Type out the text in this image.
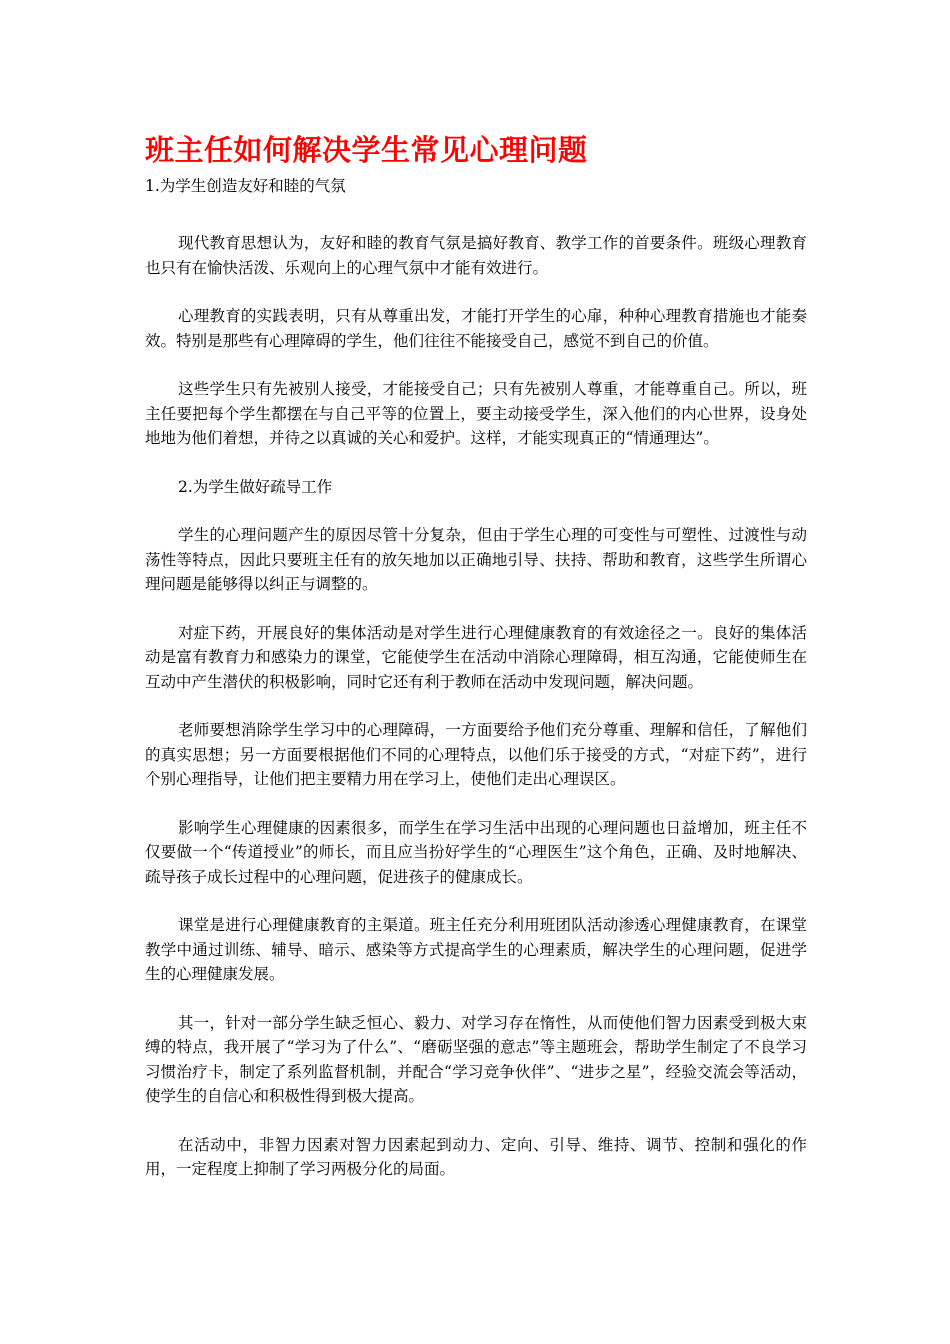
班主任如何解决学生常见心理问题
1.为学生创造友好和睦的气氛

现代教育思想认为，友好和睦的教育气氛是搞好教育、教学工作的首要条件。班级心理教育也只有在愉快活泼、乐观向上的心理气氛中才能有效进行。

心理教育的实践表明，只有从尊重出发，才能打开学生的心扉，种种心理教育措施也才能奏效。特别是那些有心理障碍的学生，他们往往不能接受自己，感觉不到自己的价值。

这些学生只有先被别人接受，才能接受自己；只有先被别人尊重，才能尊重自己。所以，班主任要把每个学生都摆在与自己平等的位置上，要主动接受学生，深入他们的内心世界，设身处地地为他们着想，并待之以真诚的关心和爱护。这样，才能实现真正的“情通理达”。

2.为学生做好疏导工作

学生的心理问题产生的原因尽管十分复杂，但由于学生心理的可变性与可塑性、过渡性与动荡性等特点，因此只要班主任有的放矢地加以正确地引导、扶持、帮助和教育，这些学生所谓心理问题是能够得以纠正与调整的。

对症下药，开展良好的集体活动是对学生进行心理健康教育的有效途径之一。良好的集体活动是富有教育力和感染力的课堂，它能使学生在活动中消除心理障碍，相互沟通，它能使师生在互动中产生潜伏的积极影响，同时它还有利于教师在活动中发现问题，解决问题。

老师要想消除学生学习中的心理障碍，一方面要给予他们充分尊重、理解和信任，了解他们的真实思想；另一方面要根据他们不同的心理特点，以他们乐于接受的方式，“对症下药”，进行个别心理指导，让他们把主要精力用在学习上，使他们走出心理误区。

影响学生心理健康的因素很多，而学生在学习生活中出现的心理问题也日益增加，班主任不仅要做一个“传道授业”的师长，而且应当扮好学生的“心理医生”这个角色，正确、及时地解决、疏导孩子成长过程中的心理问题，促进孩子的健康成长。

课堂是进行心理健康教育的主渠道。班主任充分利用班团队活动渗透心理健康教育，在课堂教学中通过训练、辅导、暗示、感染等方式提高学生的心理素质，解决学生的心理问题，促进学生的心理健康发展。

其一，针对一部分学生缺乏恒心、毅力、对学习存在惰性，从而使他们智力因素受到极大束缚的特点，我开展了“学习为了什么”、“磨砺坚强的意志”等主题班会，帮助学生制定了不良学习习惯治疗卡，制定了系列监督机制，并配合“学习竞争伙伴”、“进步之星”，经验交流会等活动，使学生的自信心和积极性得到极大提高。

在活动中，非智力因素对智力因素起到动力、定向、引导、维持、调节、控制和强化的作用，一定程度上抑制了学习两极分化的局面。
